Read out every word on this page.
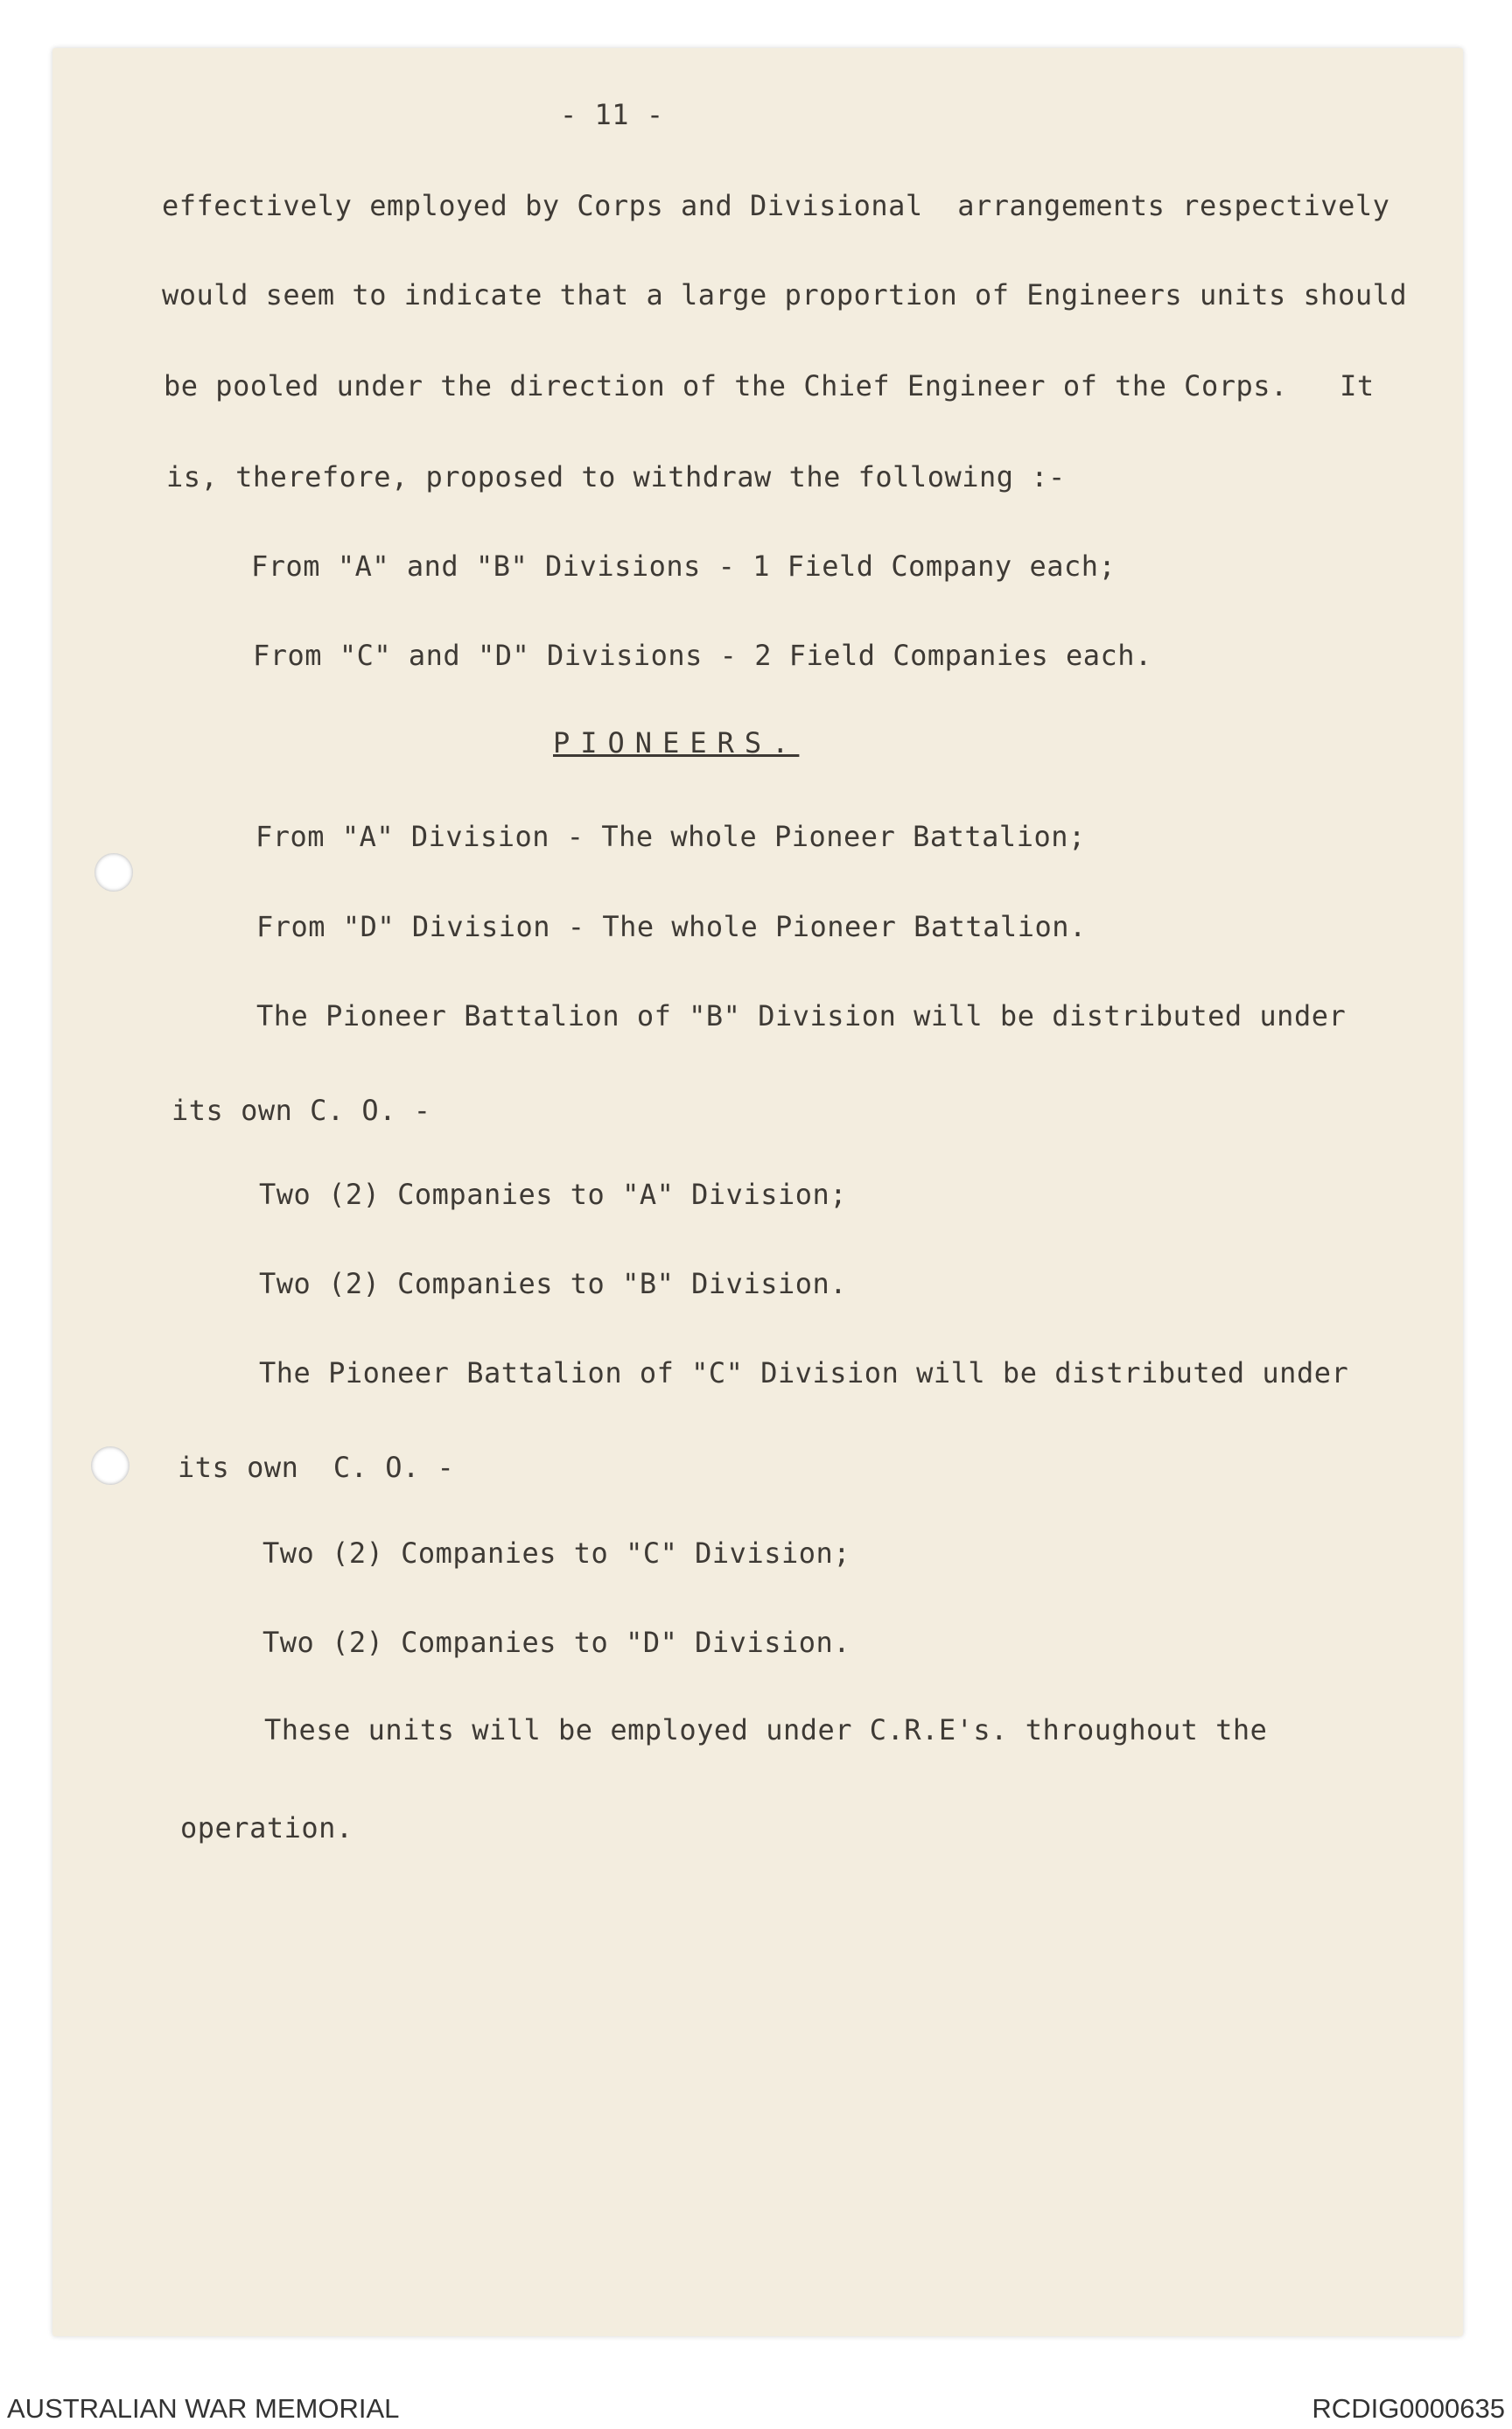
- 11 -
effectively employed by Corps and Divisional  arrangements respectively
would seem to indicate that a large proportion of Engineers units should
be pooled under the direction of the Chief Engineer of the Corps.   It
is, therefore, proposed to withdraw the following :-
From "A" and "B" Divisions - 1 Field Company each;
From "C" and "D" Divisions - 2 Field Companies each.
PIONEERS.
From "A" Division - The whole Pioneer Battalion;
From "D" Division - The whole Pioneer Battalion.
The Pioneer Battalion of "B" Division will be distributed under
its own C. O. -
Two (2) Companies to "A" Division;
Two (2) Companies to "B" Division.
The Pioneer Battalion of "C" Division will be distributed under
its own  C. O. -
Two (2) Companies to "C" Division;
Two (2) Companies to "D" Division.
These units will be employed under C.R.E's. throughout the
operation.
AUSTRALIAN WAR MEMORIAL	RCDIG0000635
